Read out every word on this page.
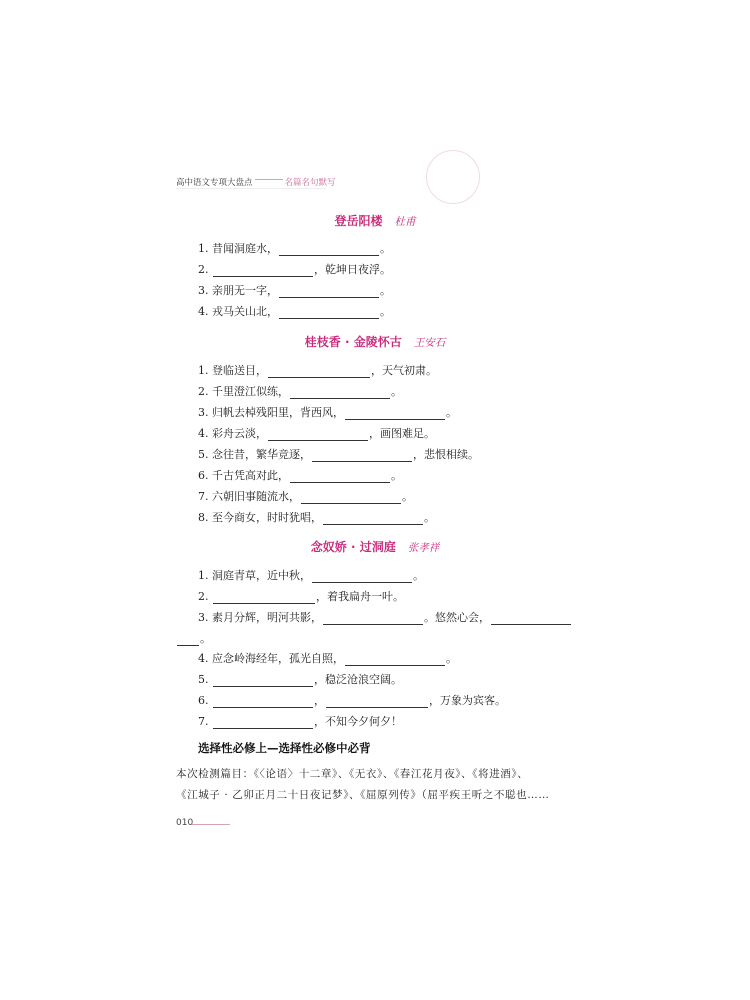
高中语文专项大盘点	名篇名句默写
登岳阳楼 杜甫
1. 昔闻洞庭水，	。
2.	，乾坤日夜浮。
3. 亲朋无一字，	。
4. 戎马关山北，	。
桂枝香 · 金陵怀古 王安石
1. 登临送目，	，天气初肃。
2. 千里澄江似练，	。
3. 归帆去棹残阳里，背西风，	。
4. 彩舟云淡，	，画图难足。
5. 念往昔，繁华竞逐，	，悲恨相续。
6. 千古凭高对此，	。
7. 六朝旧事随流水，	。
8. 至今商女，时时犹唱，	。
念奴娇 · 过洞庭 张孝祥
1. 洞庭青草，近中秋，	。
2.	，着我扁舟一叶。
3. 素月分辉，明河共影，	。悠然心会，
。
4. 应念岭海经年，孤光自照，	。
5.	，稳泛沧浪空阔。
6.	，	，万象为宾客。
7.	，不知今夕何夕！
选择性必修上—选择性必修中必背
本次检测篇目：《〈论语〉十二章》、《无衣》、《春江花月夜》、《将进酒》、
《江城子 · 乙卯正月二十日夜记梦》、《屈原列传》（屈平疾王听之不聪也……
010
